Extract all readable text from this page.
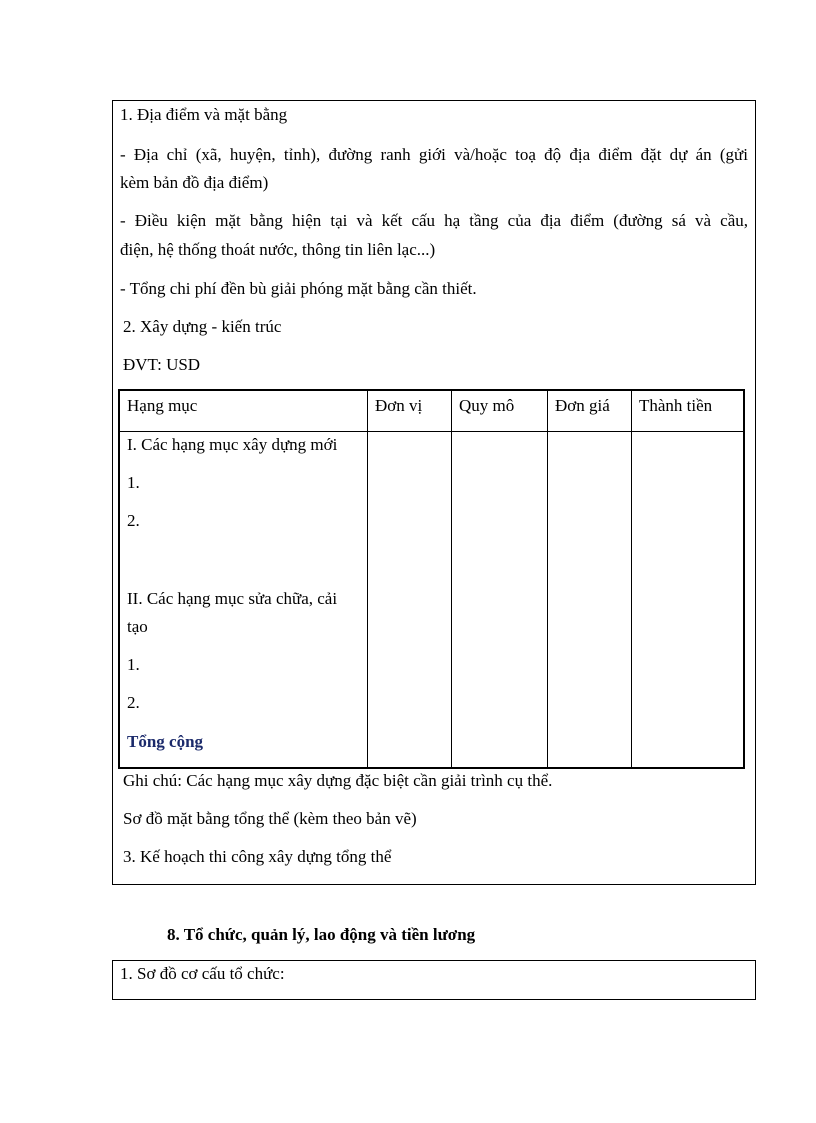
1. Địa điểm và mặt bằng
- Địa chỉ (xã, huyện, tỉnh), đường ranh giới và/hoặc toạ độ địa điểm đặt dự án (gửi
kèm bản đồ địa điểm)
- Điều kiện mặt bằng hiện tại và kết cấu hạ tầng của địa điểm (đường sá và cầu,
điện, hệ thống thoát nước, thông tin liên lạc...)
- Tổng chi phí đền bù giải phóng mặt bằng cần thiết.
2. Xây dựng - kiến trúc
ĐVT: USD
Hạng mục	Đơn vị Quy mô Đơn giá Thành tiền
I. Các hạng mục xây dựng mới
1.
2.
II. Các hạng mục sửa chữa, cải
tạo
1.
2.
Tổng cộng
Ghi chú: Các hạng mục xây dựng đặc biệt cần giải trình cụ thể.
Sơ đồ mặt bằng tổng thể (kèm theo bản vẽ)
3. Kế hoạch thi công xây dựng tổng thể
8. Tổ chức, quản lý, lao động và tiền lương
1. Sơ đồ cơ cấu tổ chức:
